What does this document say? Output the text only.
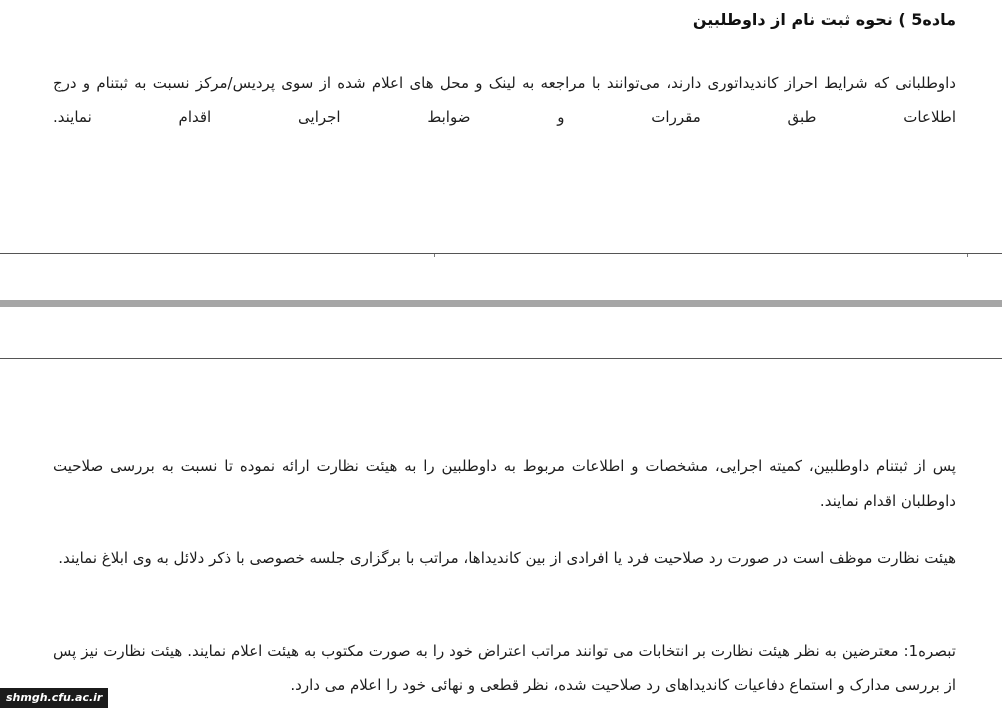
ماده5 ) نحوه ثبت نام از داوطلبین

داوطلبانی که شرایط احراز کاندیداتوری دارند، می‌توانند با مراجعه به لینک و محل های اعلام شده از سوی پردیس/مرکز نسبت به ثبتنام و درج اطلاعات طبق مقررات و ضوابط اجرایی اقدام نمایند.

پس از ثبتنام داوطلبین، کمیته اجرایی، مشخصات و اطلاعات مربوط به داوطلبین را به هیئت نظارت ارائه نموده تا نسبت به بررسی صلاحیت داوطلبان اقدام نمایند.

هیئت نظارت موظف است در صورت رد صلاحیت فرد یا افرادی از بین کاندیداها، مراتب با برگزاری جلسه خصوصی با ذکر دلائل به وی ابلاغ نمایند.

تبصره1: معترضین به نظر هیئت نظارت بر انتخابات می توانند مراتب اعتراض خود را به صورت مکتوب به هیئت اعلام نمایند. هیئت نظارت نیز پس از بررسی مدارک و استماع دفاعیات کاندیداهای رد صلاحیت شده، نظر قطعی و نهائی خود را اعلام می دارد.

shmgh.cfu.ac.ir
